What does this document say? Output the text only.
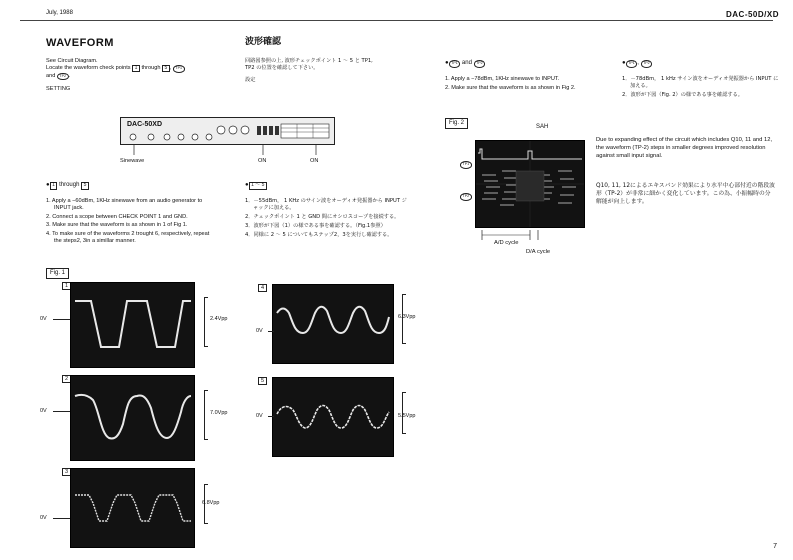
July, 1988	DAC-50D/XD
WAVEFORM
See Circuit Diagram.
Locate the waveform check points 1 through 5 , TP1
and TP2 .
SETTING
DAC-50XD
Sinewave	ON	ON
● 1 through 5
1. Apply a −60dBm, 1KHz sinewave from an audio generator to INPUT jack.
2. Connect a scope between CHECK POINT 1 and GND.
3. Make sure that the waveform is as shown in 1 of Fig 1.
4. To make sure of the waveforms 2 trought 6, respectively, repeat the steps2, 3in a simillar manner.
波形確認
回路図参照の上, 波形チェックポイント 1 ～ 5 と TP1,
TP2 の位置を確認して下さい。
設定
● 1 ～ 5
1．－55dBm， 1 KHz のサイン波をオーディオ発振器から INPUT ジャックに加える。
2．チェックポイント 1 と GND 間にオシロスコープを接続する。
3．波形が下図（1）の様である事を確認する。（Fig.1参照）
4．同様に 2 ～ 5 についてもステップ2，3を実行し確認する。
● TP1 and TP2
1. Apply a −78dBm, 1KHz sinewave to INPUT.
2. Make sure that the waveform is as shown in Fig 2.
● TP1 , TP2
1．－78dBm， 1 kHz サイン波をオーディオ発振器から INPUT に加える。
2．波形が下図（Fig. 2）の様である事を確認する。
Fig. 2
SAH
TP1
TP2
A/D cycle
D/A cycle
Due to expanding effect of the circuit which includes Q10, 11 and 12, the waveform (TP-2) steps in smaller degrees improved resolution against small input signal.
Q10, 11, 12によるエキスパンド効果により水平中心部付近の階段波形（TP-2）が非常に細かく変化しています。この為、小振幅時の分解能が向上します。
Fig. 1
1
0V	2.4Vpp
2
0V	7.0Vpp
3
0V
6.8Vpp
4
0V
6.3Vpp
5
0V	5.5Vpp
7
